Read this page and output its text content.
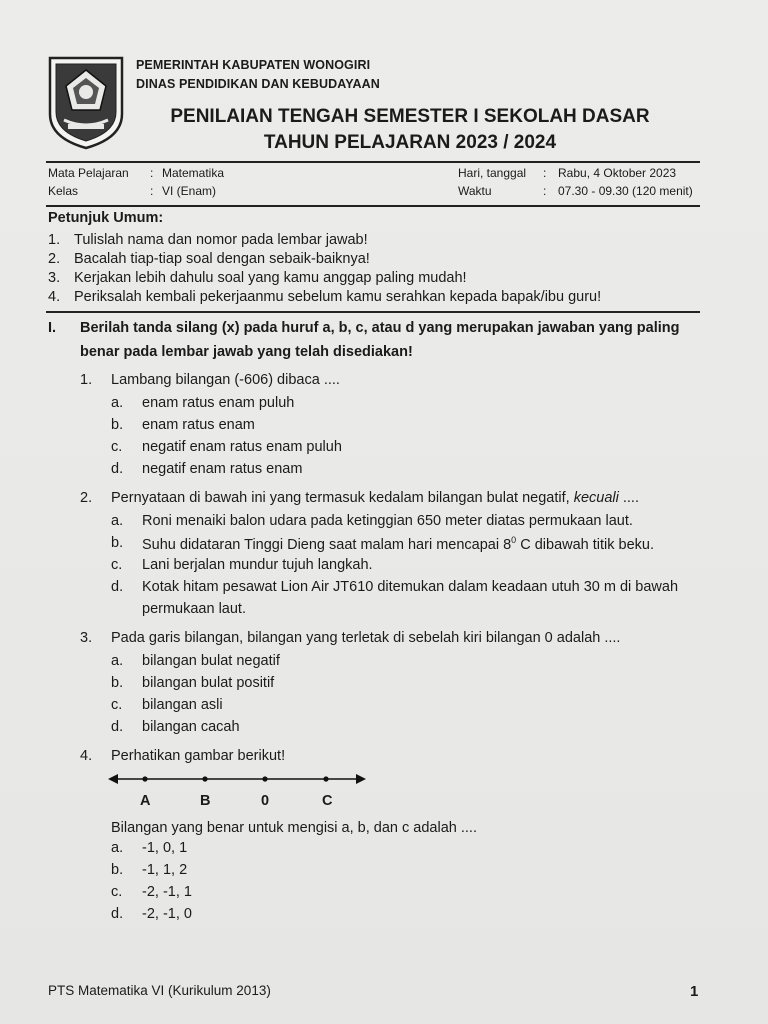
PEMERINTAH KABUPATEN WONOGIRI
DINAS PENDIDIKAN DAN KEBUDAYAAN
PENILAIAN TENGAH SEMESTER I SEKOLAH DASAR
TAHUN PELAJARAN 2023 / 2024
Mata Pelajaran : Matematika
Kelas	: VI (Enam)
Hari, tanggal : Rabu, 4 Oktober 2023
Waktu	: 07.30 - 09.30 (120 menit)
Petunjuk Umum:
1. Tulislah nama dan nomor pada lembar jawab!
2. Bacalah tiap-tiap soal dengan sebaik-baiknya!
3. Kerjakan lebih dahulu soal yang kamu anggap paling mudah!
4. Periksalah kembali pekerjaanmu sebelum kamu serahkan kepada bapak/ibu guru!
I. Berilah tanda silang (x) pada huruf a, b, c, atau d yang merupakan jawaban yang paling
benar pada lembar jawab yang telah disediakan!
1. Lambang bilangan (-606) dibaca ....
a. enam ratus enam puluh
b. enam ratus enam
c. negatif enam ratus enam puluh
d. negatif enam ratus enam
2. Pernyataan di bawah ini yang termasuk kedalam bilangan bulat negatif, kecuali ....
a. Roni menaiki balon udara pada ketinggian 650 meter diatas permukaan laut.
b. Suhu didataran Tinggi Dieng saat malam hari mencapai $8^0$ C dibawah titik beku.
c. Lani berjalan mundur tujuh langkah.
d. Kotak hitam pesawat Lion Air JT610 ditemukan dalam keadaan utuh 30 m di bawah
permukaan laut.
3. Pada garis bilangan, bilangan yang terletak di sebelah kiri bilangan 0 adalah ....
a. bilangan bulat negatif
b. bilangan bulat positif
c. bilangan asli
d. bilangan cacah
4. Perhatikan gambar berikut!
A	B	0	C
Bilangan yang benar untuk mengisi a, b, dan c adalah ....
a. -1, 0, 1
b. -1, 1, 2
c. -2, -1, 1
d. -2, -1, 0
PTS Matematika VI (Kurikulum 2013)	1
